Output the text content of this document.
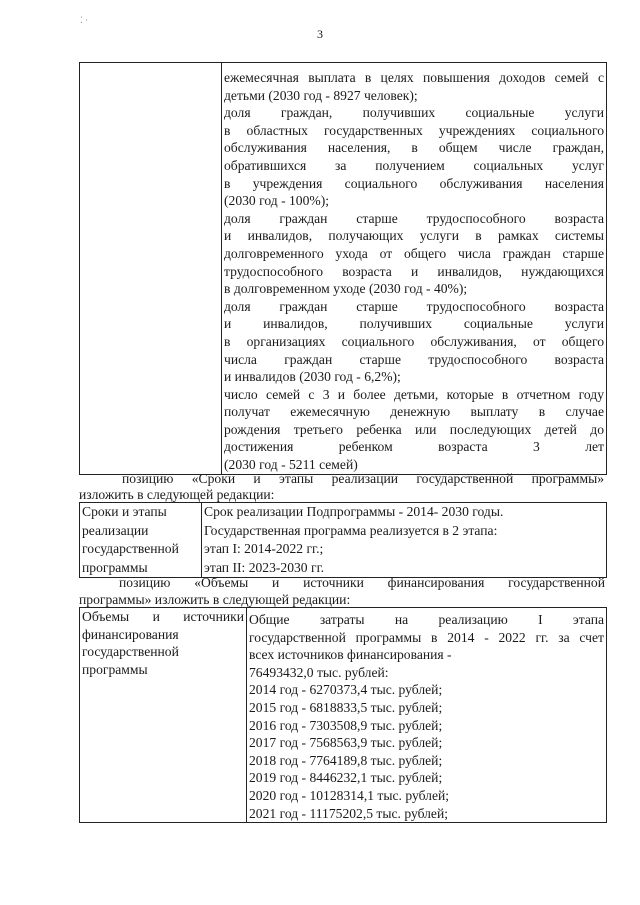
⁚ ·
3

ежемесячная выплата в целях повышения доходов семей с
детьми (2030 год - 8927 человек);
доля граждан, получивших социальные услуги
в областных государственных учреждениях социального
обслуживания населения, в общем числе граждан,
обратившихся за получением социальных услуг
в учреждения социального обслуживания населения
(2030 год - 100%);
доля граждан старше трудоспособного возраста
и инвалидов, получающих услуги в рамках системы
долговременного ухода от общего числа граждан старше
трудоспособного возраста и инвалидов, нуждающихся
в долговременном уходе (2030 год - 40%);
доля граждан старше трудоспособного возраста
и инвалидов, получивших социальные услуги
в организациях социального обслуживания, от общего
числа граждан старше трудоспособного возраста
и инвалидов (2030 год - 6,2%);
число семей с 3 и более детьми, которые в отчетном году
получат ежемесячную денежную выплату в случае
рождения третьего ребенка или последующих детей до
достижения ребенком возраста 3 лет
(2030 год - 5211 семей)
позицию «Сроки и этапы реализации государственной программы»
изложить в следующей редакции:
Сроки и этапы
реализации
государственной
программы

Срок реализации Подпрограммы - 2014- 2030 годы.
Государственная программа реализуется в 2 этапа:
этап I: 2014-2022 гг.;
этап II: 2023-2030 гг.
позицию «Объемы и источники финансирования государственной
программы» изложить в следующей редакции:
Объемы и источники
финансирования
государственной
программы

Общие затраты на реализацию I этапа
государственной программы в 2014 - 2022 гг. за счет
всех источников финансирования -
76493432,0 тыс. рублей:
2014 год - 6270373,4 тыс. рублей;
2015 год - 6818833,5 тыс. рублей;
2016 год - 7303508,9 тыс. рублей;
2017 год - 7568563,9 тыс. рублей;
2018 год - 7764189,8 тыс. рублей;
2019 год - 8446232,1 тыс. рублей;
2020 год - 10128314,1 тыс. рублей;
2021 год - 11175202,5 тыс. рублей;
